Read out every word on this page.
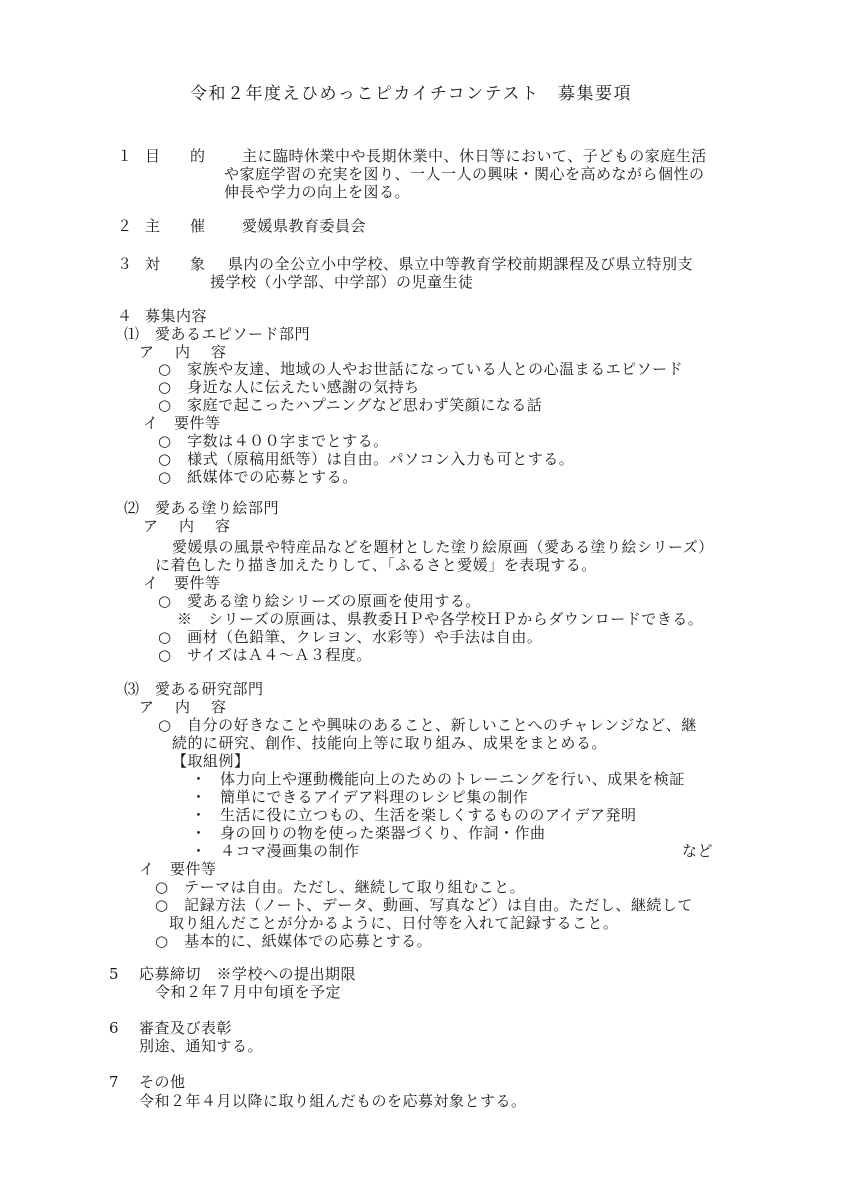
令和２年度えひめっこピカイチコンテスト　募集要項
１ 目的 主に臨時休業中や長期休業中、休日等において、子どもの家庭生活
や家庭学習の充実を図り、一人一人の興味・関心を高めながら個性の
伸長や学力の向上を図る。
２ 主催 愛媛県教育委員会
３ 対象
県内の全公立小中学校、県立中等教育学校前期課程及び県立特別支
援学校（小学部、中学部）の児童生徒
４ 募集内容
⑴　愛あるエピソード部門
ア　内　容
○　家族や友達、地域の人やお世話になっている人との心温まるエピソード
○　身近な人に伝えたい感謝の気持ち
○　家庭で起こったハプニングなど思わず笑顔になる話
イ　要件等
○　字数は４００字までとする。
○　様式（原稿用紙等）は自由。パソコン入力も可とする。
○　紙媒体での応募とする。
⑵　愛ある塗り絵部門
ア　内　容
愛媛県の風景や特産品などを題材とした塗り絵原画（愛ある塗り絵シリーズ）
に着色したり描き加えたりして、「ふるさと愛媛」を表現する。
イ　要件等
○　愛ある塗り絵シリーズの原画を使用する。
※　シリーズの原画は、県教委ＨＰや各学校ＨＰからダウンロードできる。
○　画材（色鉛筆、クレヨン、水彩等）や手法は自由。
○　サイズはＡ４～Ａ３程度。
⑶　愛ある研究部門
ア　内　容
○　自分の好きなことや興味のあること、新しいことへのチャレンジなど、継
続的に研究、創作、技能向上等に取り組み、成果をまとめる。
【取組例】
・ 体力向上や運動機能向上のためのトレーニングを行い、成果を検証
・ 簡単にできるアイデア料理のレシピ集の制作
・ 生活に役に立つもの、生活を楽しくするもののアイデア発明
・ 身の回りの物を使った楽器づくり、作詞・作曲
・ ４コマ漫画集の制作	など
イ　要件等
○　テーマは自由。ただし、継続して取り組むこと。
○　記録方法（ノート、データ、動画、写真など）は自由。ただし、継続して
取り組んだことが分かるように、日付等を入れて記録すること。
○　基本的に、紙媒体での応募とする。
5 応募締切　※学校への提出期限
令和２年７月中旬頃を予定
6 審査及び表彰
別途、通知する。
7 その他
令和２年４月以降に取り組んだものを応募対象とする。
